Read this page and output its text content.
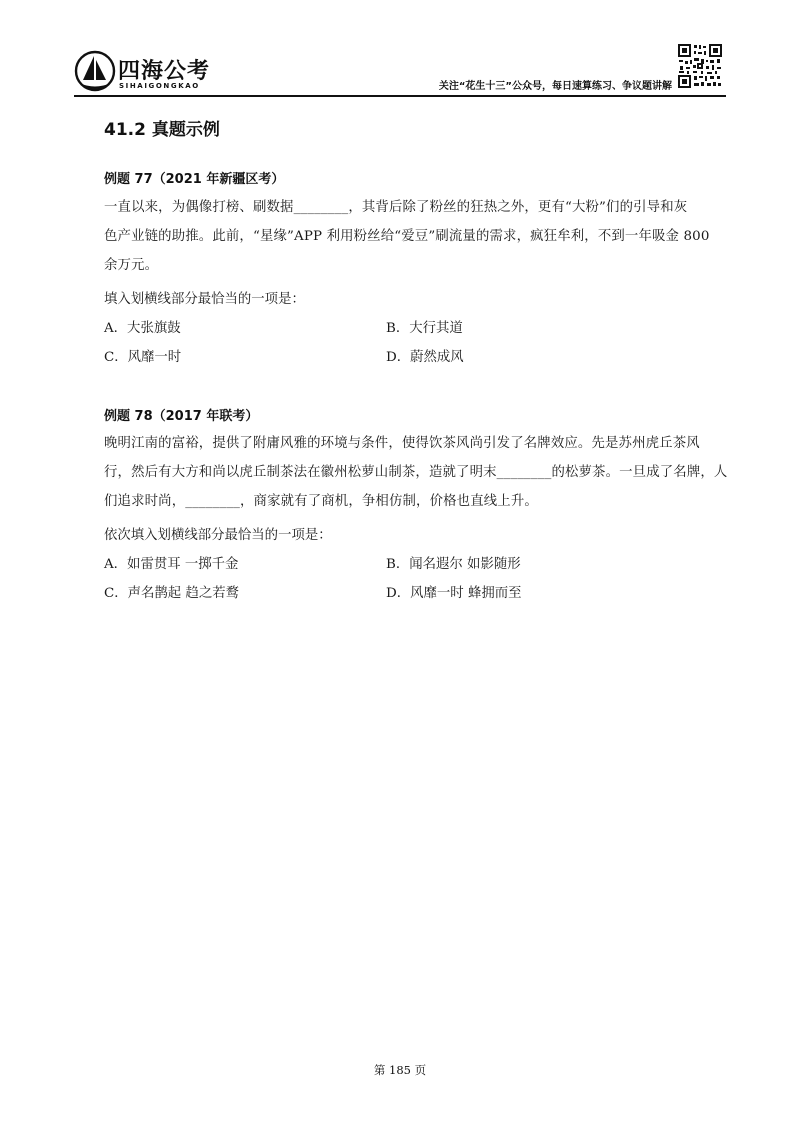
四海公考
SIHAIGONGKAO	关注“花生十三”公众号，每日速算练习、争议题讲解
41.2 真题示例
例题 77（2021 年新疆区考）
一直以来，为偶像打榜、刷数据________，其背后除了粉丝的狂热之外，更有“大粉”们的引导和灰
色产业链的助推。此前，“星缘”APP 利用粉丝给“爱豆”刷流量的需求，疯狂牟利，不到一年吸金 800
余万元。
填入划横线部分最恰当的一项是：
A．大张旗鼓	B．大行其道
C．风靡一时	D．蔚然成风
例题 78（2017 年联考）
晚明江南的富裕，提供了附庸风雅的环境与条件，使得饮茶风尚引发了名牌效应。先是苏州虎丘茶风
行，然后有大方和尚以虎丘制茶法在徽州松萝山制茶，造就了明末________的松萝茶。一旦成了名牌，人
们追求时尚，________，商家就有了商机，争相仿制，价格也直线上升。
依次填入划横线部分最恰当的一项是：
A．如雷贯耳 一掷千金	B．闻名遐尔 如影随形
C．声名鹊起 趋之若鹜	D．风靡一时 蜂拥而至
第 185 页
